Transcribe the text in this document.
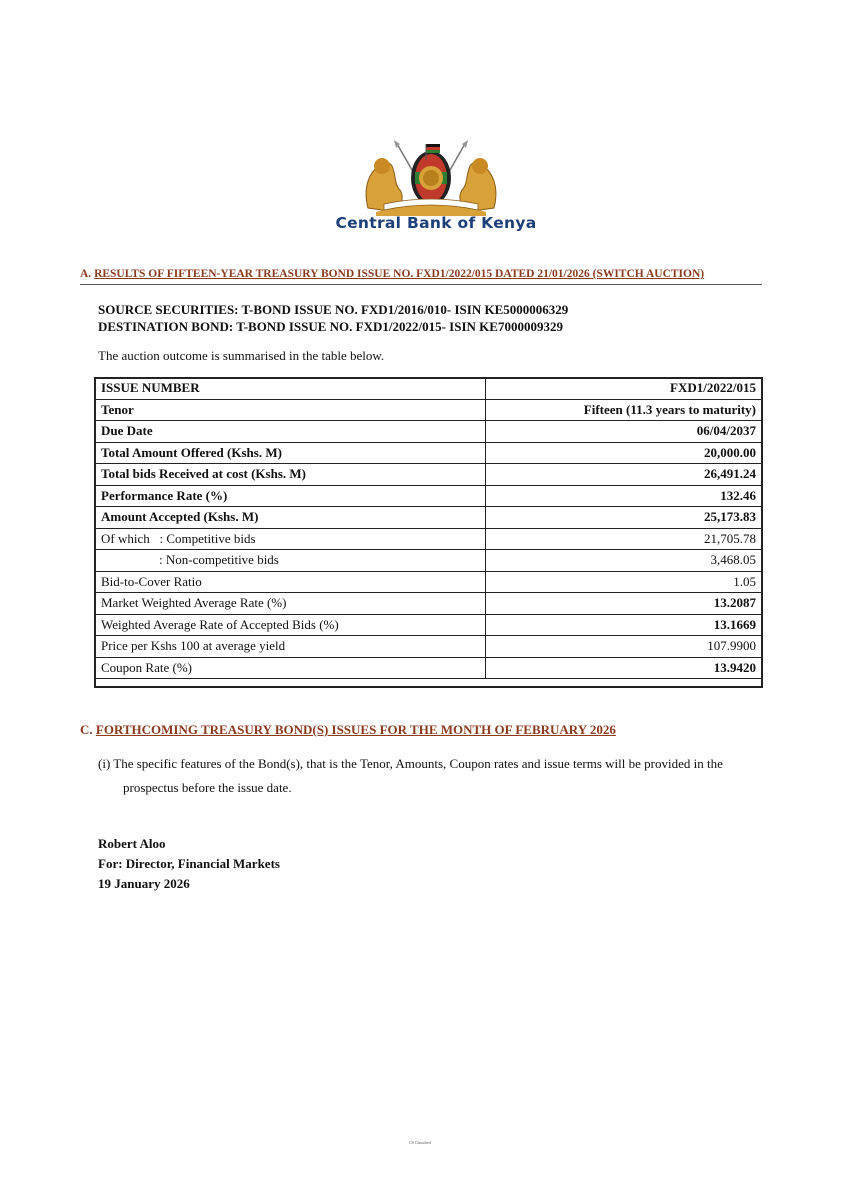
Central Bank of Kenya
A. RESULTS OF FIFTEEN-YEAR TREASURY BOND ISSUE NO. FXD1/2022/015 DATED 21/01/2026 (SWITCH AUCTION)
SOURCE SECURITIES: T-BOND ISSUE NO. FXD1/2016/010- ISIN KE5000006329
DESTINATION BOND: T-BOND ISSUE NO. FXD1/2022/015- ISIN KE7000009329
The auction outcome is summarised in the table below.
ISSUE NUMBER	FXD1/2022/015
Tenor	Fifteen (11.3 years to maturity)
Due Date	06/04/2037
Total Amount Offered (Kshs. M)	20,000.00
Total bids Received at cost (Kshs. M)	26,491.24
Performance Rate (%)	132.46
Amount Accepted (Kshs. M)	25,173.83
Of which   : Competitive bids	21,705.78
: Non-competitive bids	3,468.05
Bid-to-Cover Ratio	1.05
Market Weighted Average Rate (%)	13.2087
Weighted Average Rate of Accepted Bids (%)	13.1669
Price per Kshs 100 at average yield	107.9900
Coupon Rate (%)	13.9420
C. FORTHCOMING TREASURY BOND(S) ISSUES FOR THE MONTH OF FEBRUARY 2026
(i) The specific features of the Bond(s), that is the Tenor, Amounts, Coupon rates and issue terms will be provided in the
prospectus before the issue date.
Robert Aloo
For: Director, Financial Markets
19 January 2026
CS Classified
